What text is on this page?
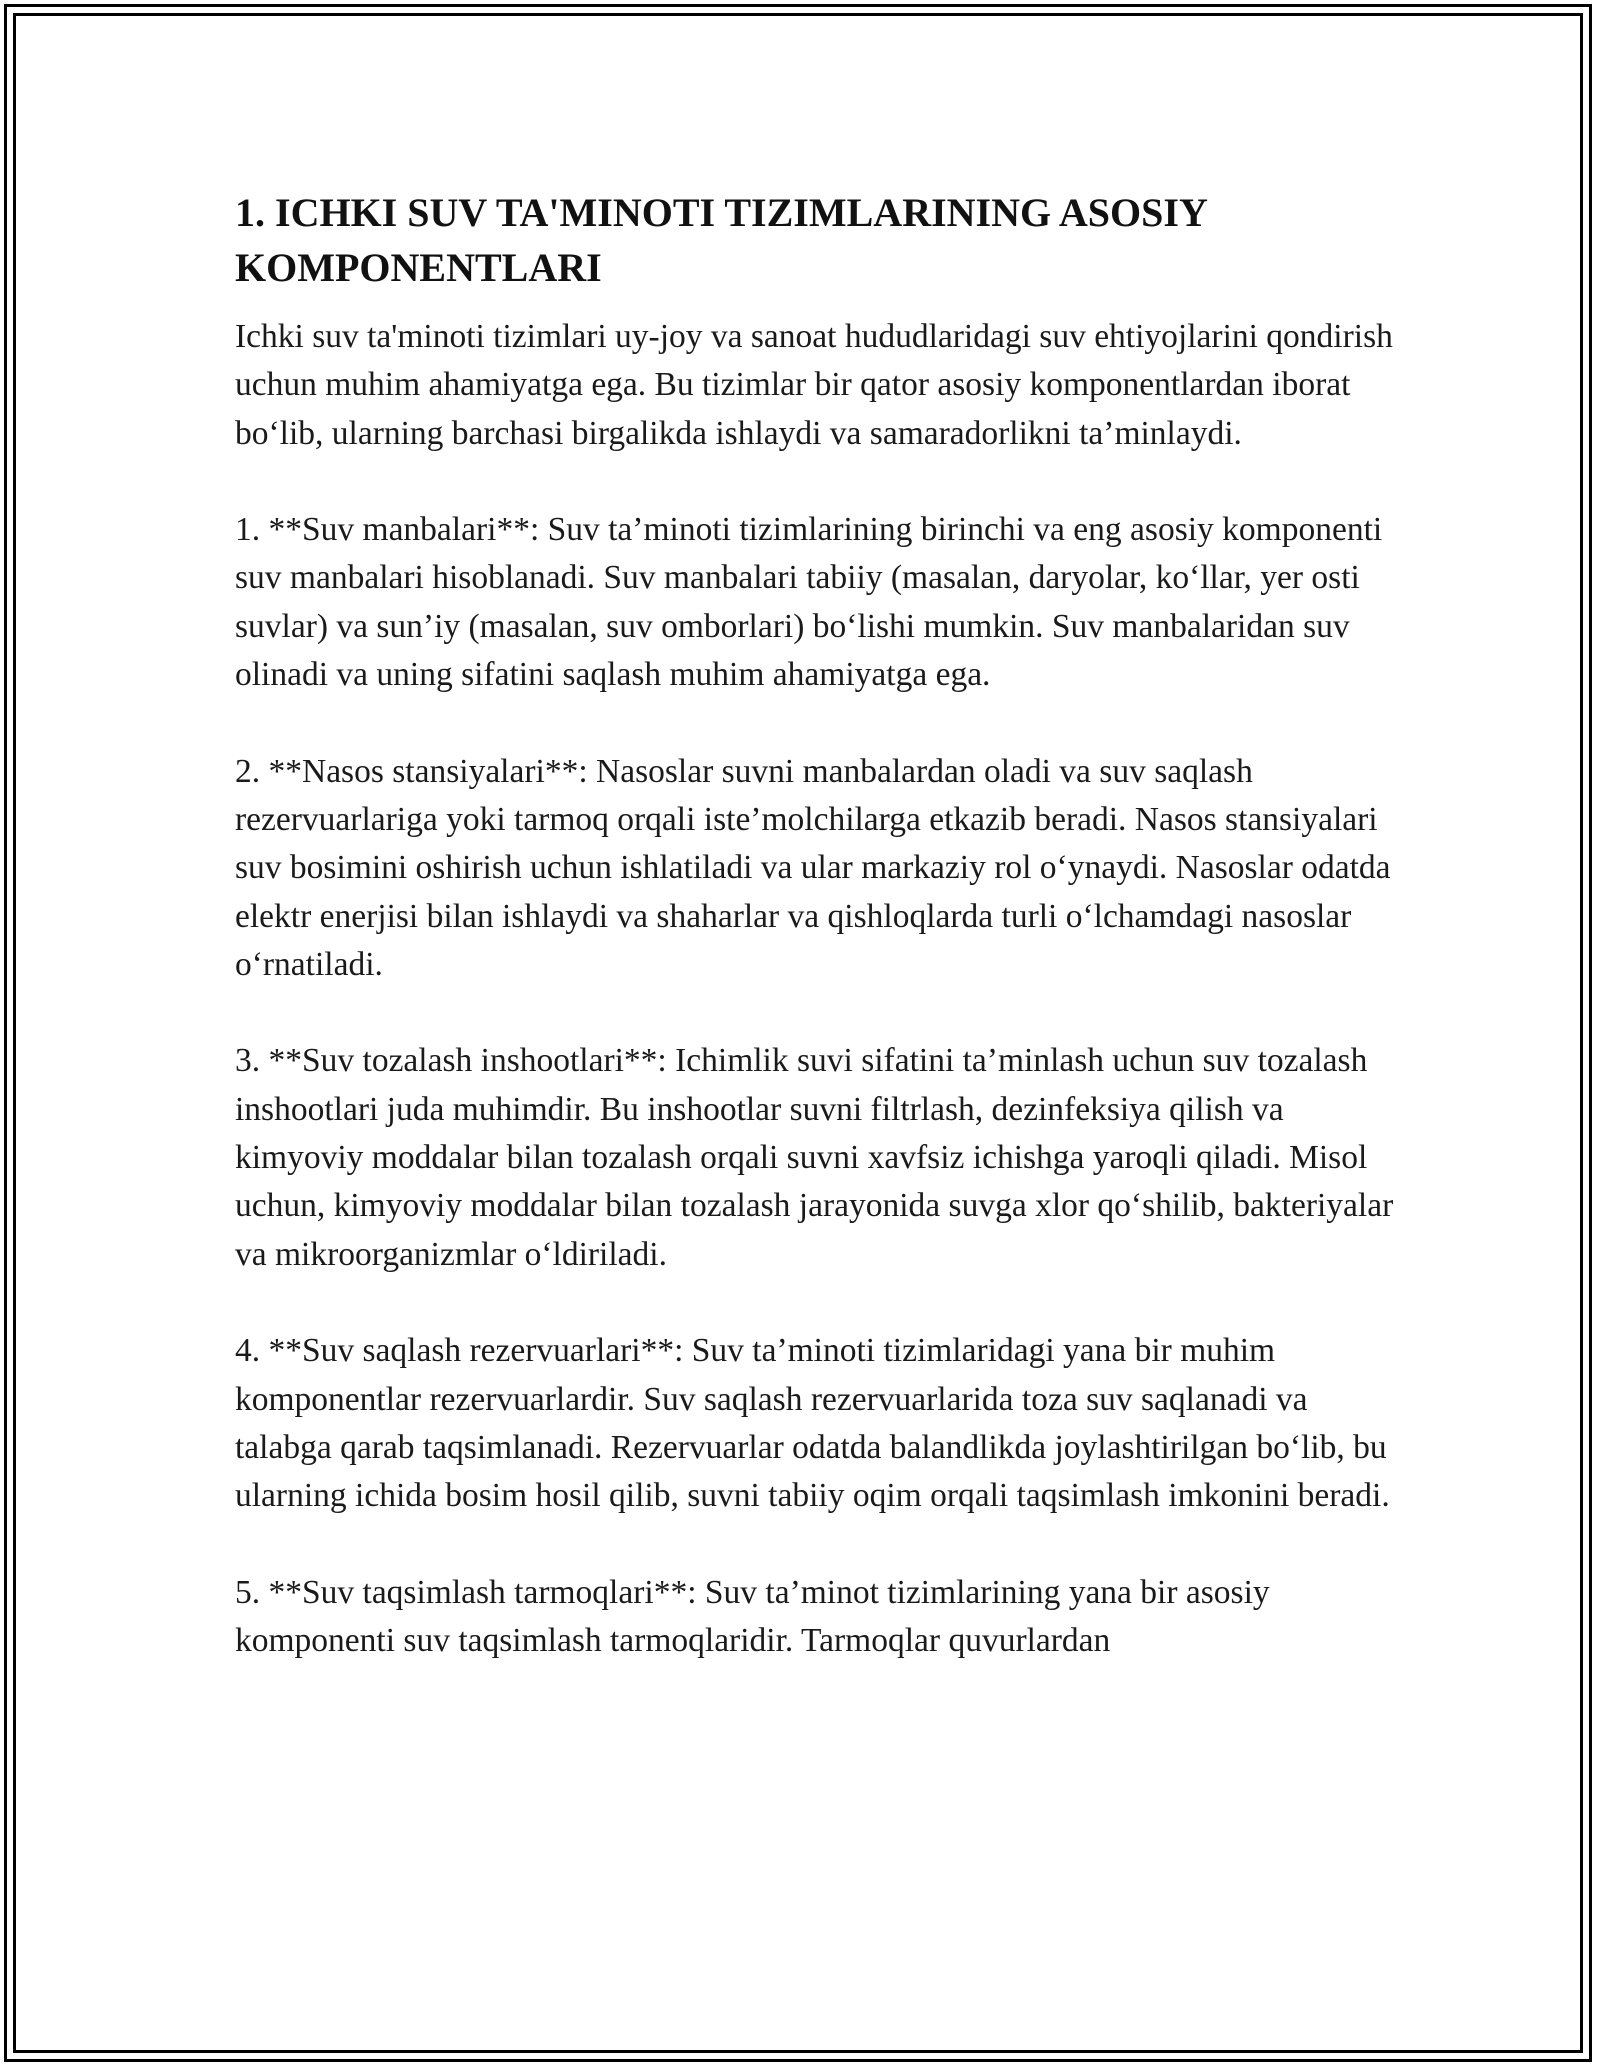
1. ICHKI SUV TA'MINOTI TIZIMLARINING ASOSIY KOMPONENTLARI

Ichki suv ta'minoti tizimlari uy-joy va sanoat hududlaridagi suv ehtiyojlarini qondirish uchun muhim ahamiyatga ega. Bu tizimlar bir qator asosiy komponentlardan iborat bo‘lib, ularning barchasi birgalikda ishlaydi va samaradorlikni ta’minlaydi.

1. **Suv manbalari**: Suv ta’minoti tizimlarining birinchi va eng asosiy komponenti suv manbalari hisoblanadi. Suv manbalari tabiiy (masalan, daryolar, ko‘llar, yer osti suvlar) va sun’iy (masalan, suv omborlari) bo‘lishi mumkin. Suv manbalaridan suv olinadi va uning sifatini saqlash muhim ahamiyatga ega.

2. **Nasos stansiyalari**: Nasoslar suvni manbalardan oladi va suv saqlash rezervuarlariga yoki tarmoq orqali iste’molchilarga etkazib beradi. Nasos stansiyalari suv bosimini oshirish uchun ishlatiladi va ular markaziy rol o‘ynaydi. Nasoslar odatda elektr enerjisi bilan ishlaydi va shaharlar va qishloqlarda turli o‘lchamdagi nasoslar o‘rnatiladi.

3. **Suv tozalash inshootlari**: Ichimlik suvi sifatini ta’minlash uchun suv tozalash inshootlari juda muhimdir. Bu inshootlar suvni filtrlash, dezinfeksiya qilish va kimyoviy moddalar bilan tozalash orqali suvni xavfsiz ichishga yaroqli qiladi. Misol uchun, kimyoviy moddalar bilan tozalash jarayonida suvga xlor qo‘shilib, bakteriyalar va mikroorganizmlar o‘ldiriladi.

4. **Suv saqlash rezervuarlari**: Suv ta’minoti tizimlaridagi yana bir muhim komponentlar rezervuarlardir. Suv saqlash rezervuarlarida toza suv saqlanadi va talabga qarab taqsimlanadi. Rezervuarlar odatda balandlikda joylashtirilgan bo‘lib, bu ularning ichida bosim hosil qilib, suvni tabiiy oqim orqali taqsimlash imkonini beradi.

5. **Suv taqsimlash tarmoqlari**: Suv ta’minot tizimlarining yana bir asosiy komponenti suv taqsimlash tarmoqlaridir. Tarmoqlar quvurlardan
